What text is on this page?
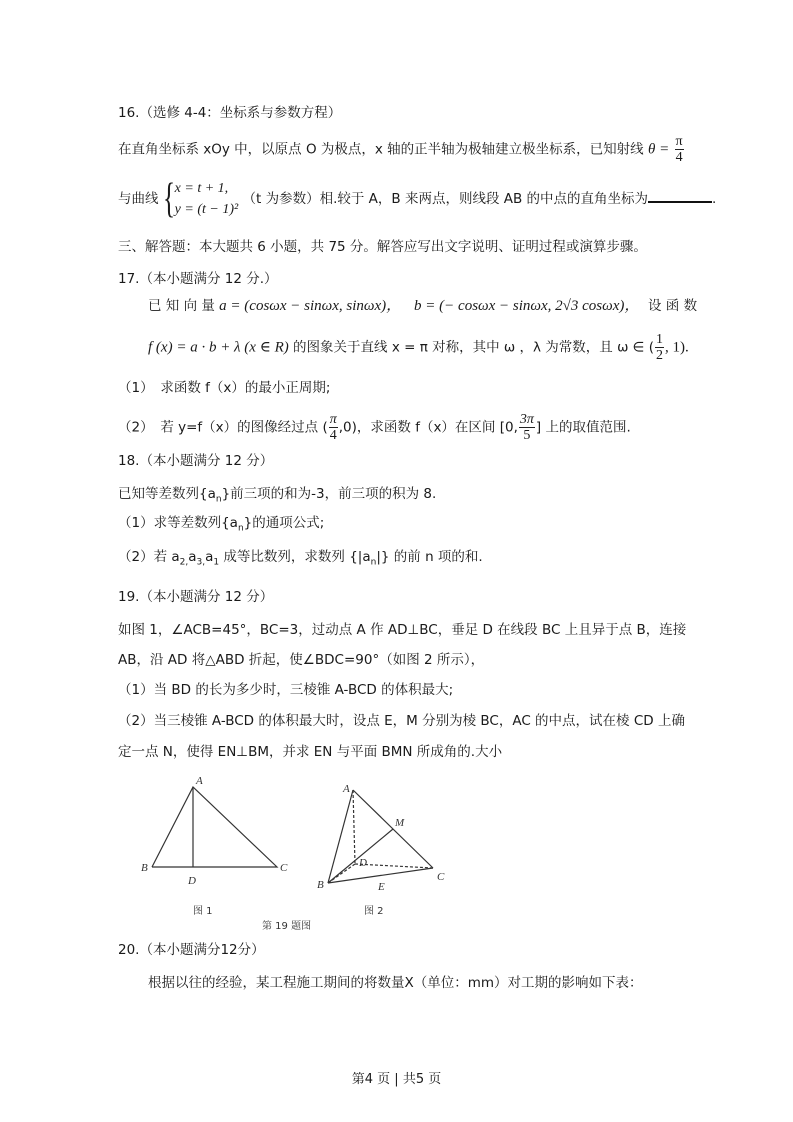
16.（选修 4-4：坐标系与参数方程）
在直角坐标系 xOy 中，以原点 O 为极点，x 轴的正半轴为极轴建立极坐标系，已知射线 $\theta = \frac{\pi}{4}$
与曲线{ x = t + 1,
y = (t − 1)²
（t 为参数）相.较于 A，B 来两点，则线段 AB 的中点的直角坐标为	.
三、解答题：本大题共 6 小题，共 75 分。解答应写出文字说明、证明过程或演算步骤。
17.（本小题满分 12 分.）
已 知 向 量 a = (cosωx − sinωx, sinωx)， b = (− cosωx − sinωx, 2√3 cosωx)， 设 函 数
f (x) = a · b + λ (x ∈ R) 的图象关于直线 x = π 对称，其中 ω ，λ 为常数，且 ω ∈ ( $\frac{1}{2}$ , 1).
（1）　求函数 f（x）的最小正周期;
（2）　若 y=f（x）的图像经过点 ( $\frac{\pi}{4} ,0$)，求函数 f（x）在区间 [0, $\frac{3\pi}{5}$ ] 上的取值范围.
18.（本小题满分 12 分）
已知等差数列$\{a_n\}$前三项的和为-3，前三项的积为 8.
（1）求等差数列$\{a_n\}$的通项公式;
（2）若 $a_{2,}a_{3,}a_1$ 成等比数列，求数列 $\{|a_n|\}$ 的前 n 项的和.
19.（本小题满分 12 分）
如图 1，∠ACB=45°，BC=3，过动点 A 作 AD⊥BC，垂足 D 在线段 BC 上且异于点 B，连接
AB，沿 AD 将△ABD 折起，使∠BDC=90°（如图 2 所示），
（1）当 BD 的长为多少时，三棱锥 A-BCD 的体积最大;
（2）当三棱锥 A-BCD 的体积最大时，设点 E，M 分别为棱 BC，AC 的中点，试在棱 CD 上确
定一点 N，使得 EN⊥BM，并求 EN 与平面 BMN 所成角的.大小
A
B	C
D
A
M
D
C
B	E
图 1	图 2
第 19 题图
20.（本小题满分12分）
根据以往的经验，某工程施工期间的将数量X（单位：mm）对工期的影响如下表：
第4 页 | 共5 页
